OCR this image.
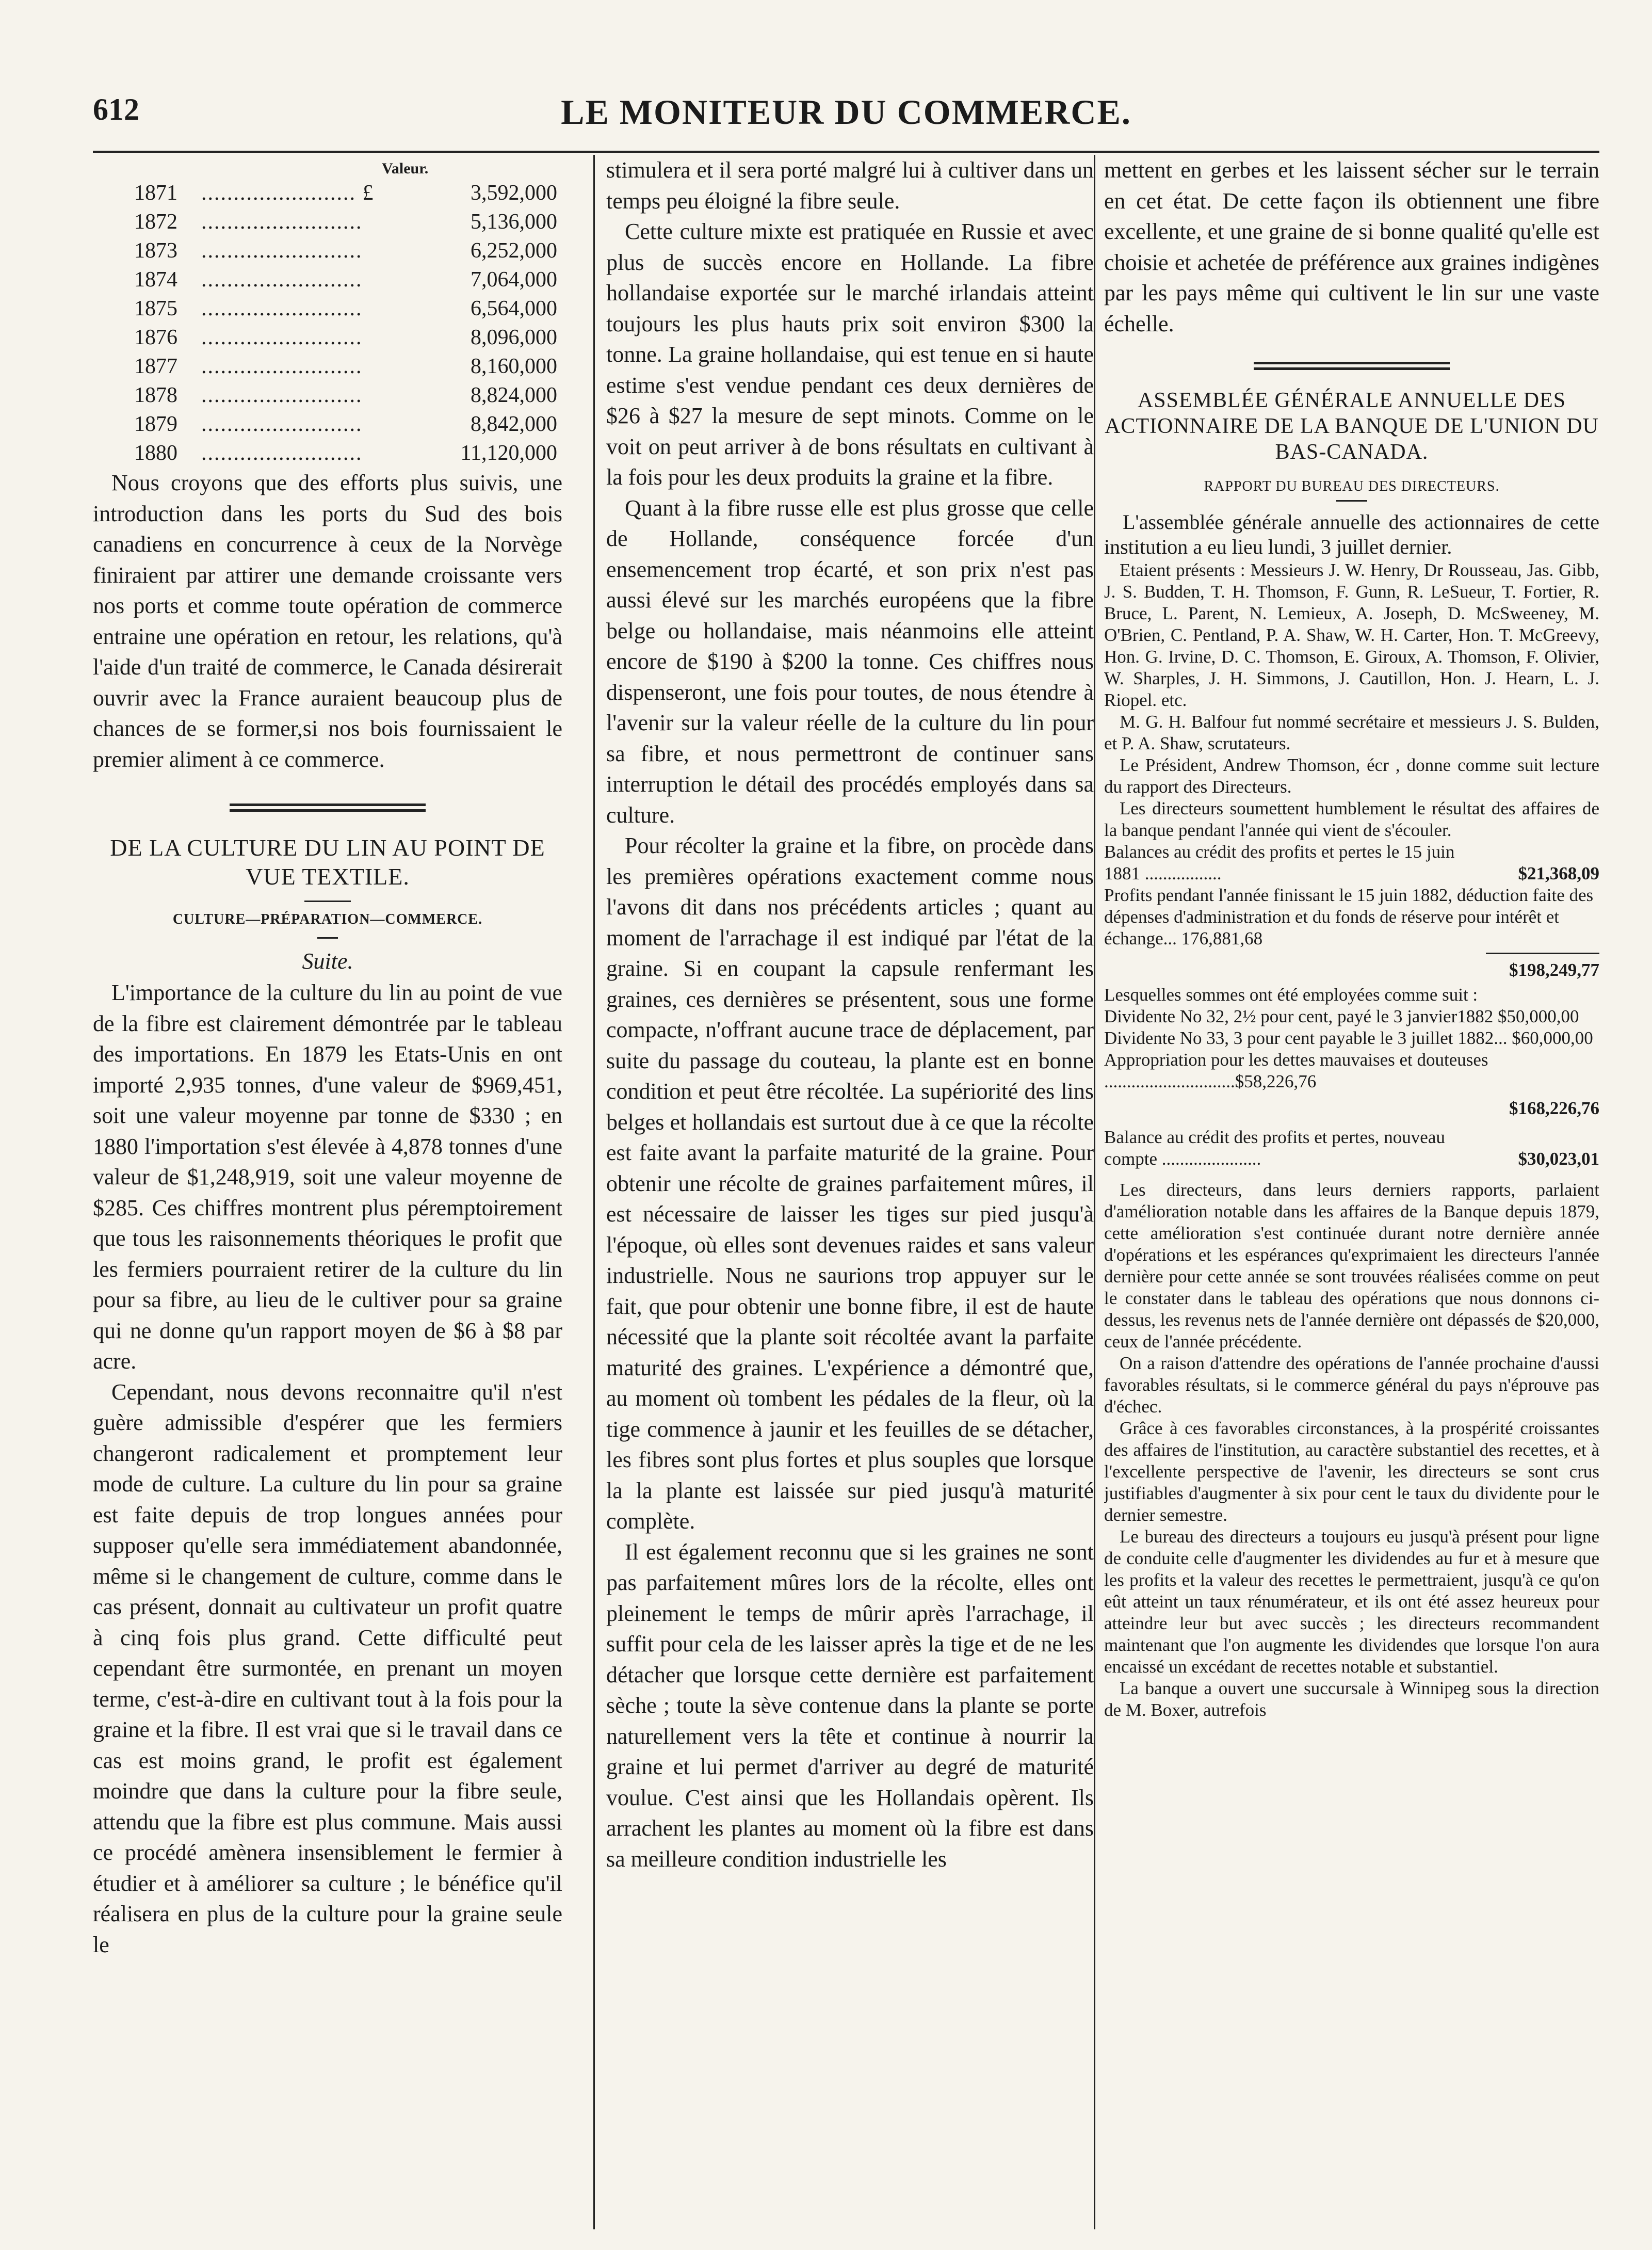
612	LE MONITEUR DU COMMERCE.
Valeur.
1871	........................ £	3,592,000
1872	.........................	5,136,000
1873	.........................	6,252,000
1874	.........................	7,064,000
1875	.........................	6,564,000
1876	.........................	8,096,000
1877	.........................	8,160,000
1878	.........................	8,824,000
1879	.........................	8,842,000
1880	.........................	11,120,000

Nous croyons que des efforts plus suivis, une introduction dans les ports du Sud des bois canadiens en concurrence à ceux de la Norvège finiraient par attirer une demande croissante vers nos ports et comme toute opération de commerce entraine une opération en retour, les relations, qu'à l'aide d'un traité de commerce, le Canada désirerait ouvrir avec la France auraient beaucoup plus de chances de se former,si nos bois fournissaient le premier aliment à ce commerce.

DE LA CULTURE DU LIN AU POINT DE VUE TEXTILE.

CULTURE—PRÉPARATION—COMMERCE.

Suite.

L'importance de la culture du lin au point de vue de la fibre est clairement démontrée par le tableau des importations. En 1879 les Etats-Unis en ont importé 2,935 tonnes, d'une valeur de $969,451, soit une valeur moyenne par tonne de $330 ; en 1880 l'importation s'est élevée à 4,878 tonnes d'une valeur de $1,248,919, soit une valeur moyenne de $285. Ces chiffres montrent plus péremptoirement que tous les raisonnements théoriques le profit que les fermiers pourraient retirer de la culture du lin pour sa fibre, au lieu de le cultiver pour sa graine qui ne donne qu'un rapport moyen de $6 à $8 par acre.

Cependant, nous devons reconnaitre qu'il n'est guère admissible d'espérer que les fermiers changeront radicalement et promptement leur mode de culture. La culture du lin pour sa graine est faite depuis de trop longues années pour supposer qu'elle sera immédiatement abandonnée, même si le changement de culture, comme dans le cas présent, donnait au cultivateur un profit quatre à cinq fois plus grand. Cette difficulté peut cependant être surmontée, en prenant un moyen terme, c'est-à-dire en cultivant tout à la fois pour la graine et la fibre. Il est vrai que si le travail dans ce cas est moins grand, le profit est également moindre que dans la culture pour la fibre seule, attendu que la fibre est plus commune. Mais aussi ce procédé amènera insensiblement le fermier à étudier et à améliorer sa culture ; le bénéfice qu'il réalisera en plus de la culture pour la graine seule le

stimulera et il sera porté malgré lui à cultiver dans un temps peu éloigné la fibre seule.

Cette culture mixte est pratiquée en Russie et avec plus de succès encore en Hollande. La fibre hollandaise exportée sur le marché irlandais atteint toujours les plus hauts prix soit environ $300 la tonne. La graine hollandaise, qui est tenue en si haute estime s'est vendue pendant ces deux dernières de $26 à $27 la mesure de sept minots. Comme on le voit on peut arriver à de bons résultats en cultivant à la fois pour les deux produits la graine et la fibre.

Quant à la fibre russe elle est plus grosse que celle de Hollande, conséquence forcée d'un ensemencement trop écarté, et son prix n'est pas aussi élevé sur les marchés européens que la fibre belge ou hollandaise, mais néanmoins elle atteint encore de $190 à $200 la tonne. Ces chiffres nous dispenseront, une fois pour toutes, de nous étendre à l'avenir sur la valeur réelle de la culture du lin pour sa fibre, et nous permettront de continuer sans interruption le détail des procédés employés dans sa culture.

Pour récolter la graine et la fibre, on procède dans les premières opérations exactement comme nous l'avons dit dans nos précédents articles ; quant au moment de l'arrachage il est indiqué par l'état de la graine. Si en coupant la capsule renfermant les graines, ces dernières se présentent, sous une forme compacte, n'offrant aucune trace de déplacement, par suite du passage du couteau, la plante est en bonne condition et peut être récoltée. La supériorité des lins belges et hollandais est surtout due à ce que la récolte est faite avant la parfaite maturité de la graine. Pour obtenir une récolte de graines parfaitement mûres, il est nécessaire de laisser les tiges sur pied jusqu'à l'époque, où elles sont devenues raides et sans valeur industrielle. Nous ne saurions trop appuyer sur le fait, que pour obtenir une bonne fibre, il est de haute nécessité que la plante soit récoltée avant la parfaite maturité des graines. L'expérience a démontré que, au moment où tombent les pédales de la fleur, où la tige commence à jaunir et les feuilles de se détacher, les fibres sont plus fortes et plus souples que lorsque la la plante est laissée sur pied jusqu'à maturité complète.

Il est également reconnu que si les graines ne sont pas parfaitement mûres lors de la récolte, elles ont pleinement le temps de mûrir après l'arrachage, il suffit pour cela de les laisser après la tige et de ne les détacher que lorsque cette dernière est parfaitement sèche ; toute la sève contenue dans la plante se porte naturellement vers la tête et continue à nourrir la graine et lui permet d'arriver au degré de maturité voulue. C'est ainsi que les Hollandais opèrent. Ils arrachent les plantes au moment où la fibre est dans sa meilleure condition industrielle les

mettent en gerbes et les laissent sécher sur le terrain en cet état. De cette façon ils obtiennent une fibre excellente, et une graine de si bonne qualité qu'elle est choisie et achetée de préférence aux graines indigènes par les pays même qui cultivent le lin sur une vaste échelle.

ASSEMBLÉE GÉNÉRALE ANNUELLE DES ACTIONNAIRE DE LA BANQUE DE L'UNION DU BAS-CANADA.

RAPPORT DU BUREAU DES DIRECTEURS.

L'assemblée générale annuelle des actionnaires de cette institution a eu lieu lundi, 3 juillet dernier.

Etaient présents : Messieurs J. W. Henry, Dr Rousseau, Jas. Gibb, J. S. Budden, T. H. Thomson, F. Gunn, R. LeSueur, T. Fortier, R. Bruce, L. Parent, N. Lemieux, A. Joseph, D. McSweeney, M. O'Brien, C. Pentland, P. A. Shaw, W. H. Carter, Hon. T. McGreevy, Hon. G. Irvine, D. C. Thomson, E. Giroux, A. Thomson, F. Olivier, W. Sharples, J. H. Simmons, J. Cautillon, Hon. J. Hearn, L. J. Riopel. etc.

M. G. H. Balfour fut nommé secrétaire et messieurs J. S. Bulden, et P. A. Shaw, scrutateurs.

Le Président, Andrew Thomson, écr , donne comme suit lecture du rapport des Directeurs.

Les directeurs soumettent humblement le résultat des affaires de la banque pendant l'année qui vient de s'écouler.

Balances au crédit des profits et pertes le 15 juin 1881 .................	$21,368,09
Profits pendant l'année finissant le 15 juin 1882, déduction faite des dépenses d'administration et du fonds de réserve pour intérêt et échange... 176,881,68
$198,249,77
Lesquelles sommes ont été employées comme suit :
Dividente No 32, 2½ pour cent, payé le 3 janvier1882 $50,000,00
Dividente No 33, 3 pour cent payable le 3 juillet 1882... $60,000,00
Appropriation pour les dettes mauvaises et douteuses .............................$58,226,76
$168,226,76
Balance au crédit des profits et pertes, nouveau compte ......................	$30,023,01

Les directeurs, dans leurs derniers rapports, parlaient d'amélioration notable dans les affaires de la Banque depuis 1879, cette amélioration s'est continuée durant notre dernière année d'opérations et les espérances qu'exprimaient les directeurs l'année dernière pour cette année se sont trouvées réalisées comme on peut le constater dans le tableau des opérations que nous donnons ci-dessus, les revenus nets de l'année dernière ont dépassés de $20,000, ceux de l'année précédente.

On a raison d'attendre des opérations de l'année prochaine d'aussi favorables résultats, si le commerce général du pays n'éprouve pas d'échec.

Grâce à ces favorables circonstances, à la prospérité croissantes des affaires de l'institution, au caractère substantiel des recettes, et à l'excellente perspective de l'avenir, les directeurs se sont crus justifiables d'augmenter à six pour cent le taux du dividente pour le dernier semestre.

Le bureau des directeurs a toujours eu jusqu'à présent pour ligne de conduite celle d'augmenter les dividendes au fur et à mesure que les profits et la valeur des recettes le permettraient, jusqu'à ce qu'on eût atteint un taux rénumérateur, et ils ont été assez heureux pour atteindre leur but avec succès ; les directeurs recommandent maintenant que l'on augmente les dividendes que lorsque l'on aura encaissé un excédant de recettes notable et substantiel.

La banque a ouvert une succursale à Winnipeg sous la direction de M. Boxer, autrefois
